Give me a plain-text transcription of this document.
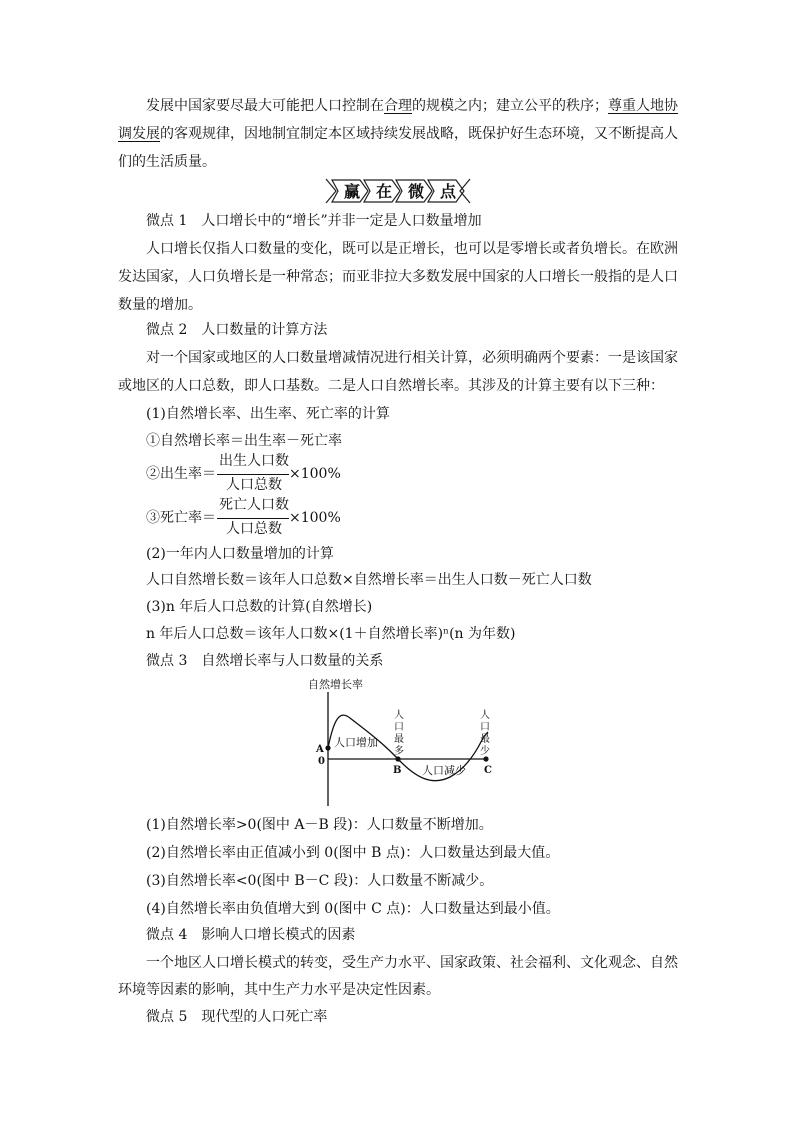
发展中国家要尽最大可能把人口控制在合理的规模之内；建立公平的秩序；尊重人地协
调发展的客观规律，因地制宜制定本区域持续发展战略，既保护好生态环境，又不断提高人
们的生活质量。
赢 在 微 点
微点 1　人口增长中的“增长”并非一定是人口数量增加
人口增长仅指人口数量的变化，既可以是正增长，也可以是零增长或者负增长。在欧洲
发达国家，人口负增长是一种常态；而亚非拉大多数发展中国家的人口增长一般指的是人口
数量的增加。
微点 2　人口数量的计算方法
对一个国家或地区的人口数量增减情况进行相关计算，必须明确两个要素：一是该国家
或地区的人口总数，即人口基数。二是人口自然增长率。其涉及的计算主要有以下三种：
(1)自然增长率、出生率、死亡率的计算
①自然增长率＝出生率－死亡率
②出生率＝
出生人口数
人口总数
×100%
③死亡率＝
死亡人口数
人口总数
×100%
(2)一年内人口数量增加的计算
人口自然增长数＝该年人口总数×自然增长率＝出生人口数－死亡人口数
(3)n 年后人口总数的计算(自然增长)
n 年后人口总数＝该年人口数×(1＋自然增长率)ⁿ(n 为年数)
微点 3　自然增长率与人口数量的关系
自然增长率
A
0
B	C
人口增加
人口减少
人
口
最
多
人
口
最
少
(1)自然增长率>0(图中 A－B 段)：人口数量不断增加。
(2)自然增长率由正值减小到 0(图中 B 点)：人口数量达到最大值。
(3)自然增长率<0(图中 B－C 段)：人口数量不断减少。
(4)自然增长率由负值增大到 0(图中 C 点)：人口数量达到最小值。
微点 4　影响人口增长模式的因素
一个地区人口增长模式的转变，受生产力水平、国家政策、社会福利、文化观念、自然
环境等因素的影响，其中生产力水平是决定性因素。
微点 5　现代型的人口死亡率
